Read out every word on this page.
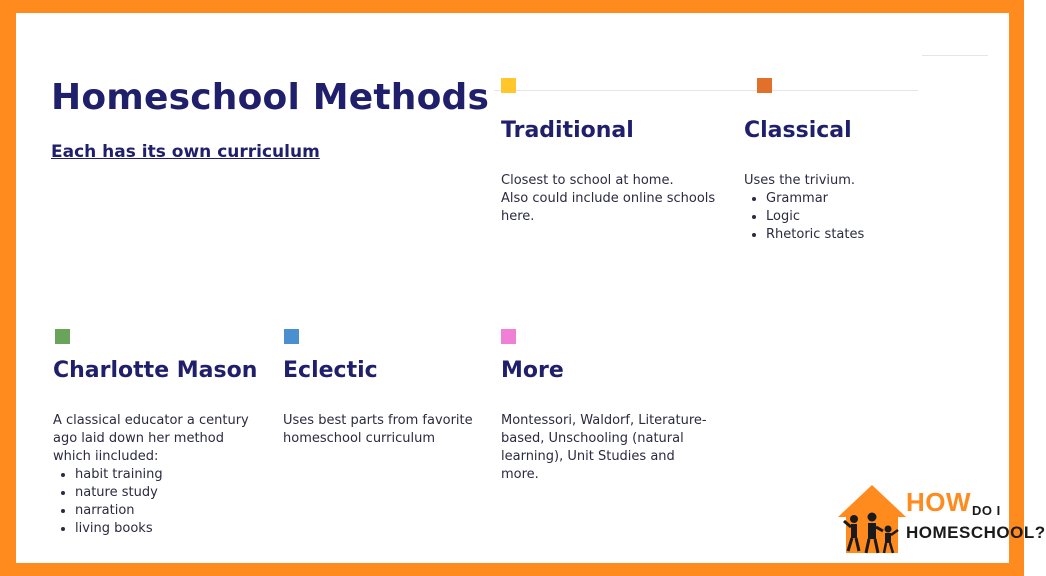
Homeschool Methods
Each has its own curriculum
Traditional

Closest to school at home.

Also could include online schools here.

Classical

Uses the trivium.

• Grammar
• Logic
• Rhetoric states
Charlotte Mason

A classical educator a century ago laid down her method which iincluded:

• habit training
• nature study
• narration
• living books
Eclectic

Uses best parts from favorite homeschool curriculum

More

Montessori, Waldorf, Literature-based, Unschooling (natural learning), Unit Studies and more.

HOW DO I
HOMESCHOOL?
